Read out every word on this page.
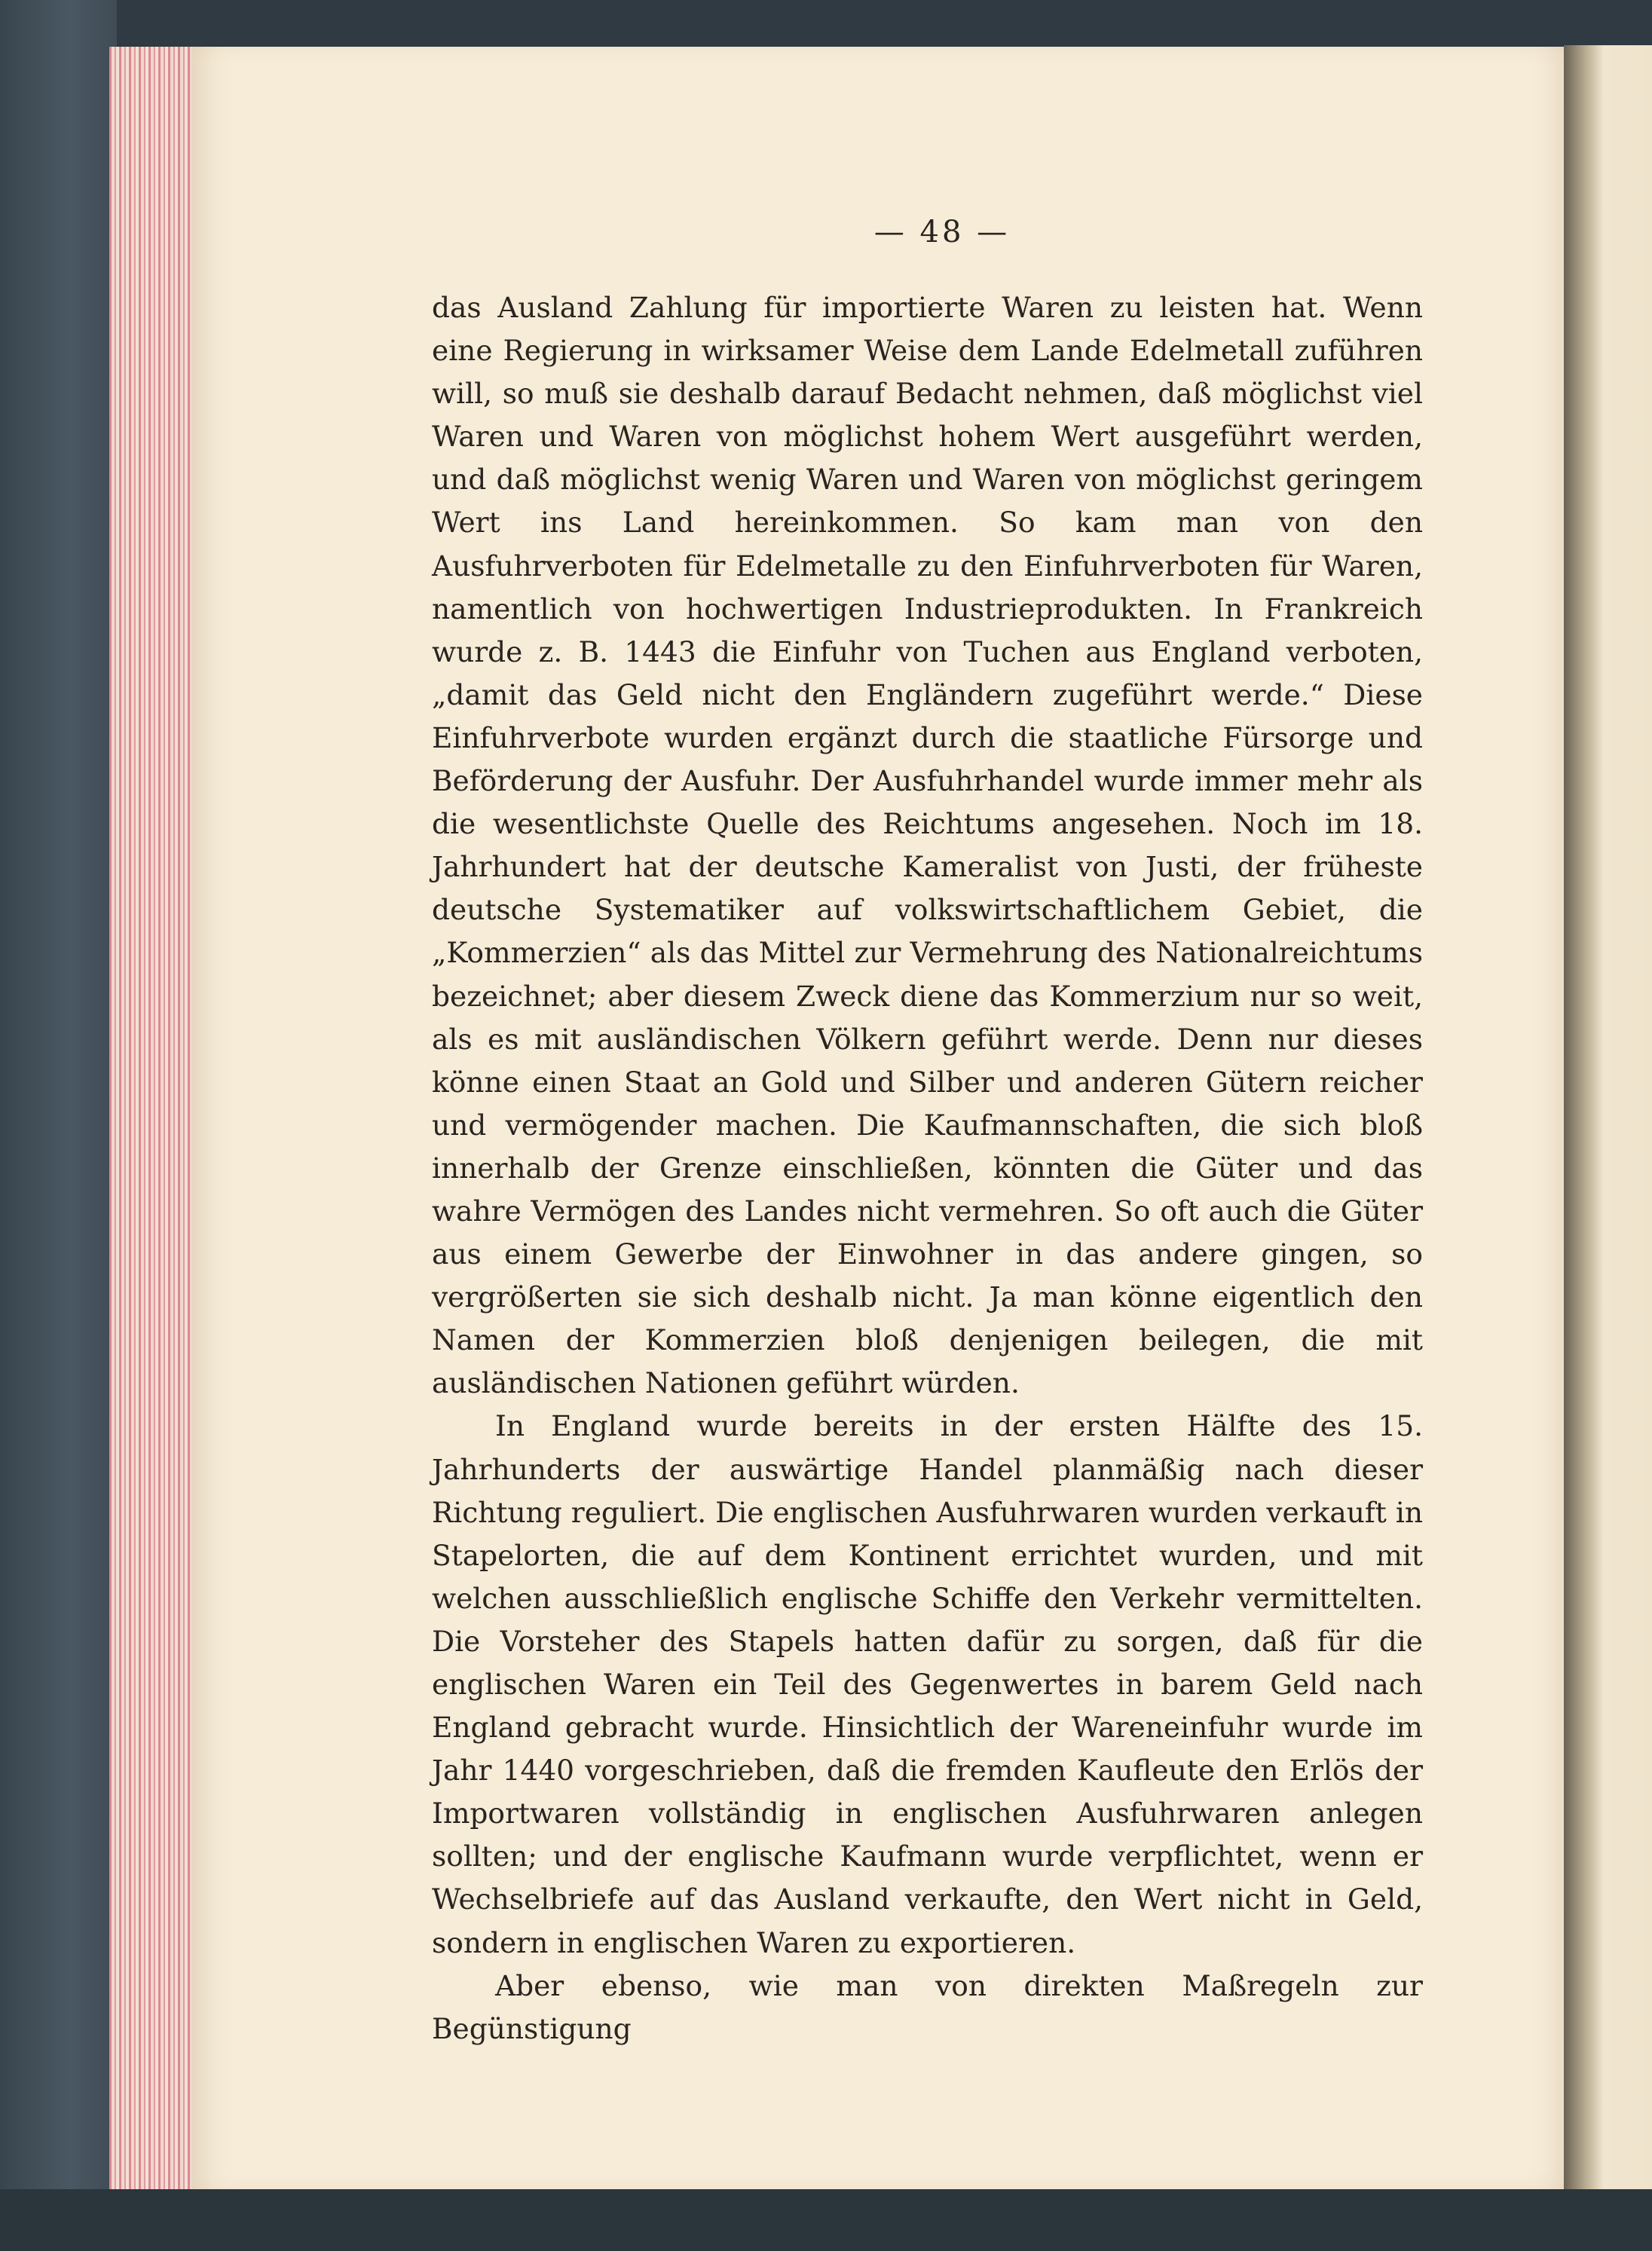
— 48 —

das Ausland Zahlung für importierte Waren zu leisten hat. Wenn eine Regierung in wirksamer Weise dem Lande Edelmetall zuführen will, so muß sie deshalb darauf Bedacht nehmen, daß möglichst viel Waren und Waren von möglichst hohem Wert ausgeführt werden, und daß möglichst wenig Waren und Waren von möglichst geringem Wert ins Land hereinkommen. So kam man von den Ausfuhrverboten für Edelmetalle zu den Einfuhrverboten für Waren, namentlich von hochwertigen Industrieprodukten. In Frankreich wurde z. B. 1443 die Einfuhr von Tuchen aus England verboten, „damit das Geld nicht den Engländern zugeführt werde.“ Diese Einfuhrverbote wurden ergänzt durch die staatliche Fürsorge und Beförderung der Ausfuhr. Der Ausfuhrhandel wurde immer mehr als die wesentlichste Quelle des Reichtums angesehen. Noch im 18. Jahrhundert hat der deutsche Kameralist von Justi, der früheste deutsche Systematiker auf volkswirtschaftlichem Gebiet, die „Kommerzien“ als das Mittel zur Vermehrung des Nationalreichtums bezeichnet; aber diesem Zweck diene das Kommerzium nur so weit, als es mit ausländischen Völkern geführt werde. Denn nur dieses könne einen Staat an Gold und Silber und anderen Gütern reicher und vermögender machen. Die Kaufmannschaften, die sich bloß innerhalb der Grenze einschließen, könnten die Güter und das wahre Vermögen des Landes nicht vermehren. So oft auch die Güter aus einem Gewerbe der Einwohner in das andere gingen, so vergrößerten sie sich deshalb nicht. Ja man könne eigentlich den Namen der Kommerzien bloß denjenigen beilegen, die mit ausländischen Nationen geführt würden.

In England wurde bereits in der ersten Hälfte des 15. Jahrhunderts der auswärtige Handel planmäßig nach dieser Richtung reguliert. Die englischen Ausfuhrwaren wurden verkauft in Stapelorten, die auf dem Kontinent errichtet wurden, und mit welchen ausschließlich englische Schiffe den Verkehr vermittelten. Die Vorsteher des Stapels hatten dafür zu sorgen, daß für die englischen Waren ein Teil des Gegenwertes in barem Geld nach England gebracht wurde. Hinsichtlich der Wareneinfuhr wurde im Jahr 1440 vorgeschrieben, daß die fremden Kaufleute den Erlös der Importwaren vollständig in englischen Ausfuhrwaren anlegen sollten; und der englische Kaufmann wurde verpflichtet, wenn er Wechselbriefe auf das Ausland verkaufte, den Wert nicht in Geld, sondern in englischen Waren zu exportieren.

Aber ebenso, wie man von direkten Maßregeln zur Begünstigung
